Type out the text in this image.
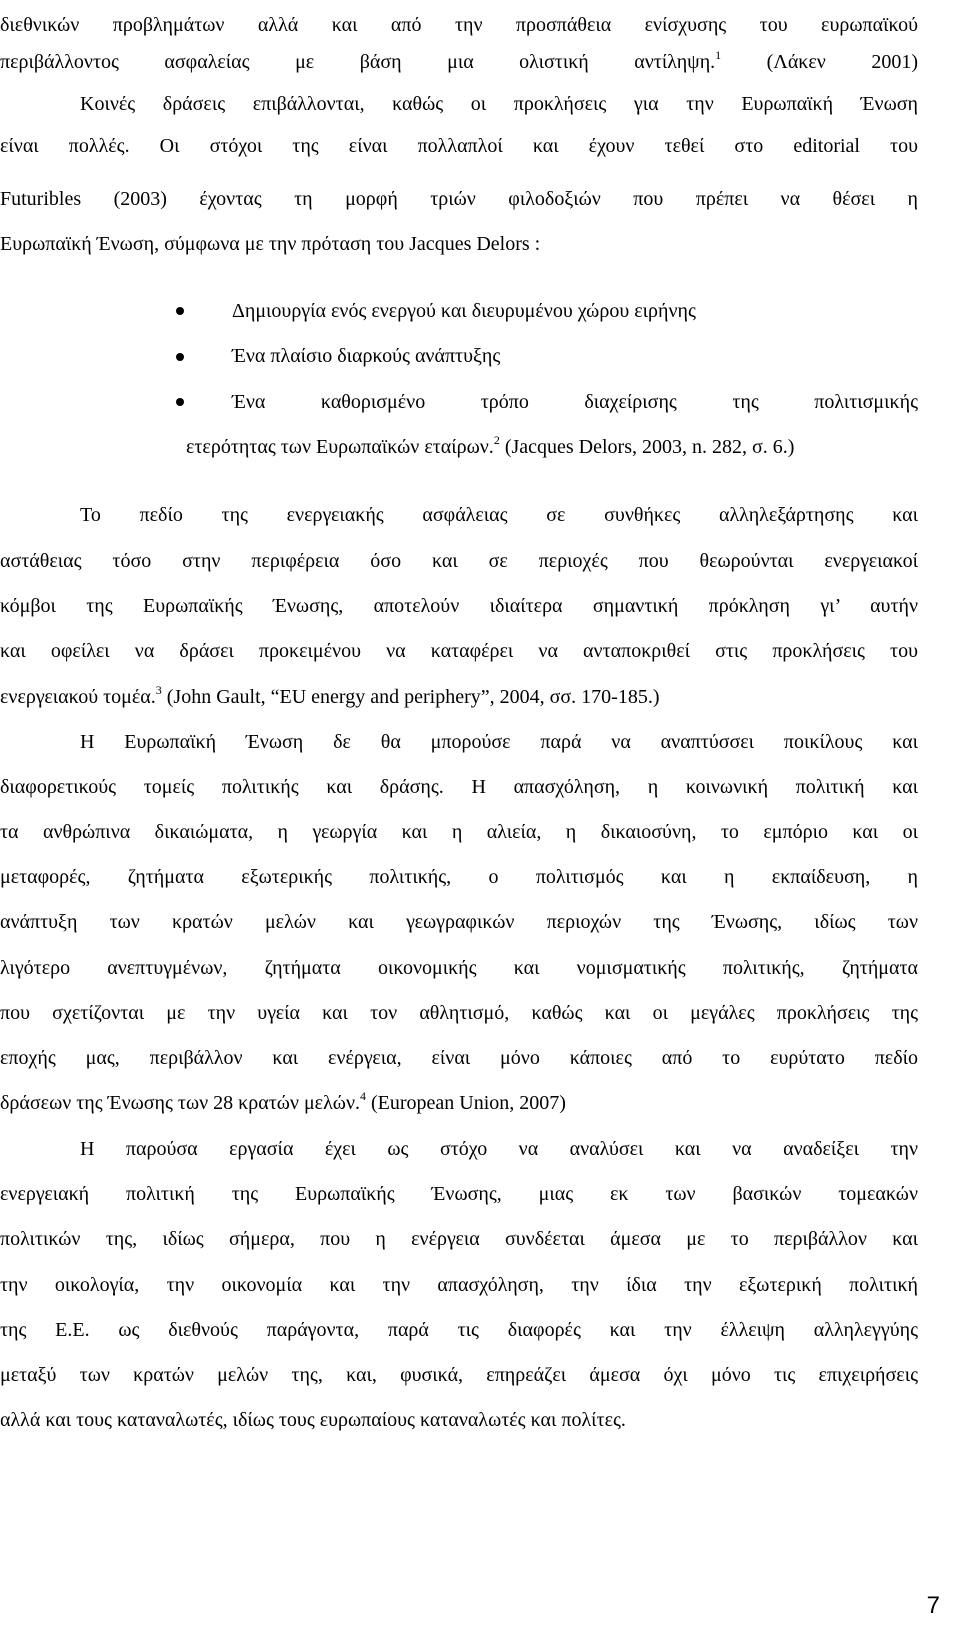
διεθνικών προβλημάτων αλλά και από την προσπάθεια ενίσχυσης του ευρωπαϊκού
περιβάλλοντος ασφαλείας με βάση μια ολιστική αντίληψη.$^1$ (Λάκεν 2001)
Κοινές δράσεις επιβάλλονται, καθώς οι προκλήσεις για την Ευρωπαϊκή Ένωση
είναι πολλές. Οι στόχοι της είναι πολλαπλοί και έχουν τεθεί στο editorial του
Futuribles (2003) έχοντας τη μορφή τριών φιλοδοξιών που πρέπει να θέσει η
Ευρωπαϊκή Ένωση, σύμφωνα με την πρόταση του Jacques Delors :
Δημιουργία ενός ενεργού και διευρυμένου χώρου ειρήνης
Ένα πλαίσιο διαρκούς ανάπτυξης
Ένα καθορισμένο τρόπο διαχείρισης της πολιτισμικής
ετερότητας των Ευρωπαϊκών εταίρων.$^2$ (Jacques Delors, 2003, n. 282, σ. 6.)
Το πεδίο της ενεργειακής ασφάλειας σε συνθήκες αλληλεξάρτησης και
αστάθειας τόσο στην περιφέρεια όσο και σε περιοχές που θεωρούνται ενεργειακοί
κόμβοι της Ευρωπαϊκής Ένωσης, αποτελούν ιδιαίτερα σημαντική πρόκληση γι’ αυτήν
και οφείλει να δράσει προκειμένου να καταφέρει να ανταποκριθεί στις προκλήσεις του
ενεργειακού τομέα.$^3$ (John Gault, “EU energy and periphery”, 2004, σσ. 170-185.)
Η Ευρωπαϊκή Ένωση δε θα μπορούσε παρά να αναπτύσσει ποικίλους και
διαφορετικούς τομείς πολιτικής και δράσης. Η απασχόληση, η κοινωνική πολιτική και
τα ανθρώπινα δικαιώματα, η γεωργία και η αλιεία, η δικαιοσύνη, το εμπόριο και οι
μεταφορές, ζητήματα εξωτερικής πολιτικής, ο πολιτισμός και η εκπαίδευση, η
ανάπτυξη των κρατών μελών και γεωγραφικών περιοχών της Ένωσης, ιδίως των
λιγότερο ανεπτυγμένων, ζητήματα οικονομικής και νομισματικής πολιτικής, ζητήματα
που σχετίζονται με την υγεία και τον αθλητισμό, καθώς και οι μεγάλες προκλήσεις της
εποχής μας, περιβάλλον και ενέργεια, είναι μόνο κάποιες από το ευρύτατο πεδίο
δράσεων της Ένωσης των 28 κρατών μελών.$^4$ (European Union, 2007)
Η παρούσα εργασία έχει ως στόχο να αναλύσει και να αναδείξει την
ενεργειακή πολιτική της Ευρωπαϊκής Ένωσης, μιας εκ των βασικών τομεακών
πολιτικών της, ιδίως σήμερα, που η ενέργεια συνδέεται άμεσα με το περιβάλλον και
την οικολογία, την οικονομία και την απασχόληση, την ίδια την εξωτερική πολιτική
της Ε.Ε. ως διεθνούς παράγοντα, παρά τις διαφορές και την έλλειψη αλληλεγγύης
μεταξύ των κρατών μελών της, και, φυσικά, επηρεάζει άμεσα όχι μόνο τις επιχειρήσεις
αλλά και τους καταναλωτές, ιδίως τους ευρωπαίους καταναλωτές και πολίτες.
7
